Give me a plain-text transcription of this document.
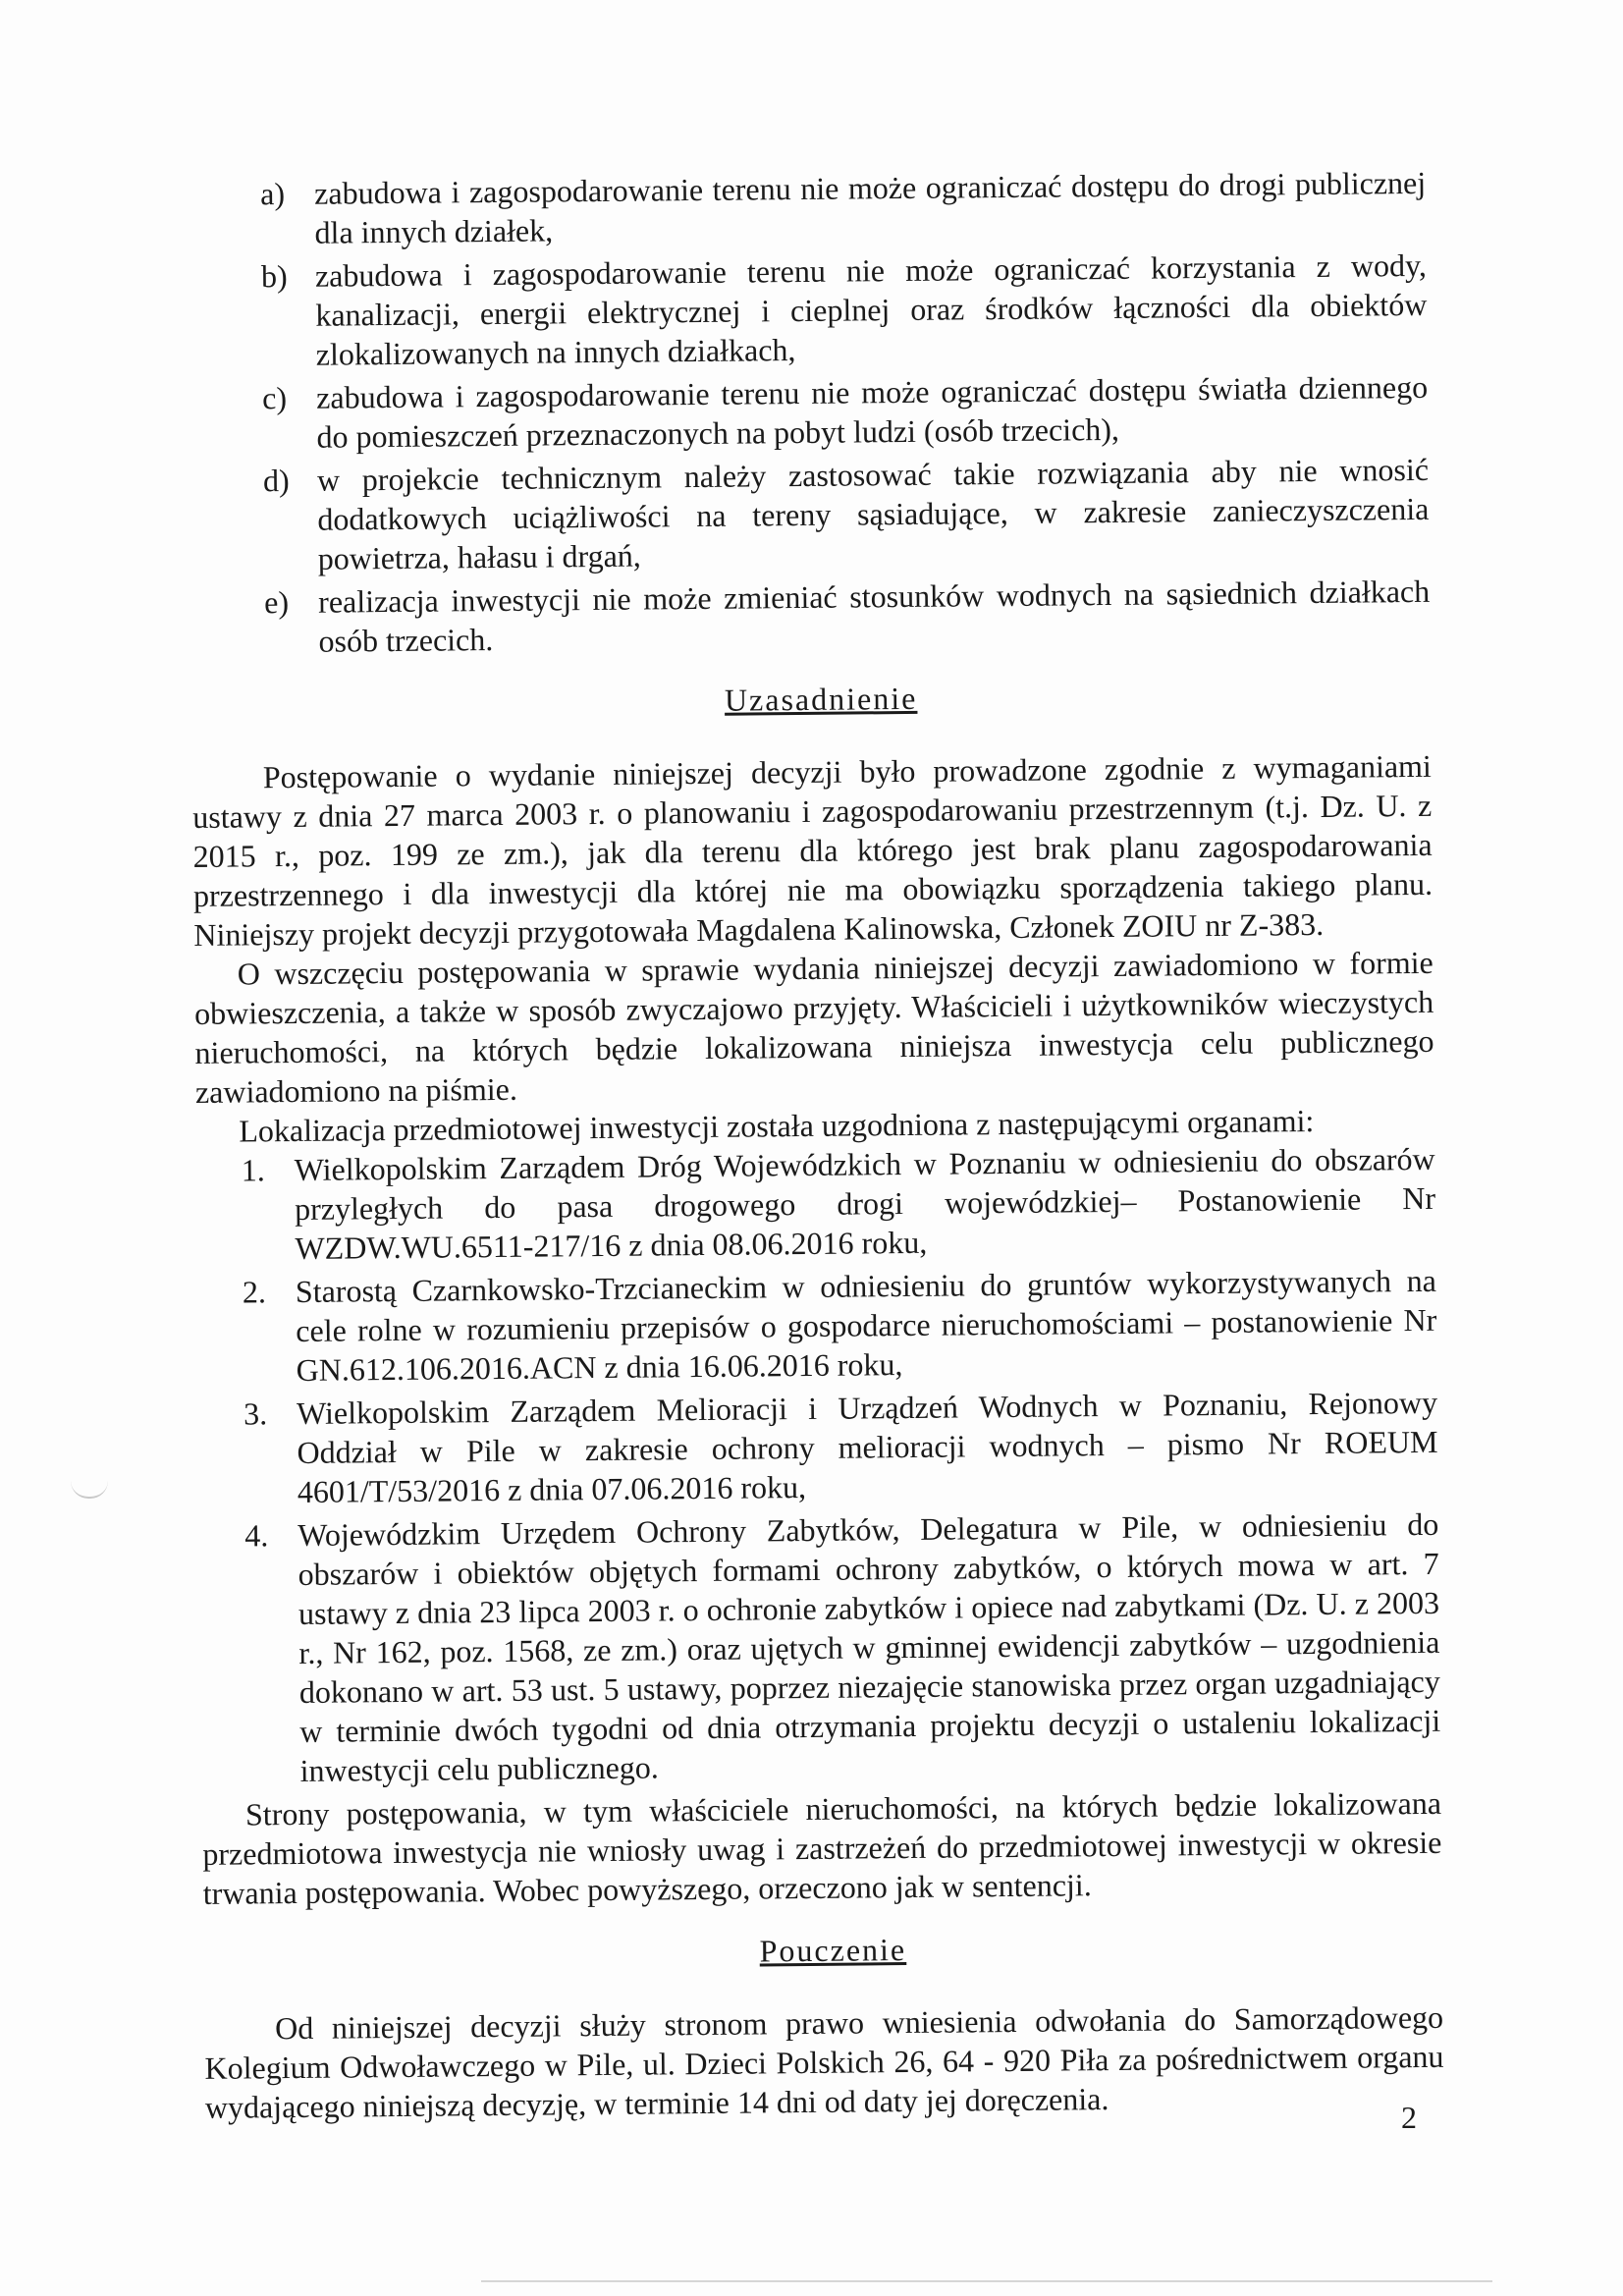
a) zabudowa i zagospodarowanie terenu nie może ograniczać dostępu do drogi publicznej dla innych działek,
b) zabudowa i zagospodarowanie terenu nie może ograniczać korzystania z wody, kanalizacji, energii elektrycznej i cieplnej oraz środków łączności dla obiektów zlokalizowanych na innych działkach,
c) zabudowa i zagospodarowanie terenu nie może ograniczać dostępu światła dziennego do pomieszczeń przeznaczonych na pobyt ludzi (osób trzecich),
d) w projekcie technicznym należy zastosować takie rozwiązania aby nie wnosić dodatkowych uciążliwości na tereny sąsiadujące, w zakresie zanieczyszczenia powietrza, hałasu i drgań,
e) realizacja inwestycji nie może zmieniać stosunków wodnych na sąsiednich działkach osób trzecich.
Uzasadnienie

Postępowanie o wydanie niniejszej decyzji było prowadzone zgodnie z wymaganiami ustawy z dnia 27 marca 2003 r. o planowaniu i zagospodarowaniu przestrzennym (t.j. Dz. U. z 2015 r., poz. 199 ze zm.), jak dla terenu dla którego jest brak planu zagospodarowania przestrzennego i dla inwestycji dla której nie ma obowiązku sporządzenia takiego planu. Niniejszy projekt decyzji przygotowała Magdalena Kalinowska, Członek ZOIU nr Z-383.

O wszczęciu postępowania w sprawie wydania niniejszej decyzji zawiadomiono w formie obwieszczenia, a także w sposób zwyczajowo przyjęty. Właścicieli i użytkowników wieczystych nieruchomości, na których będzie lokalizowana niniejsza inwestycja celu publicznego zawiadomiono na piśmie.

Lokalizacja przedmiotowej inwestycji została uzgodniona z następującymi organami:

1. Wielkopolskim Zarządem Dróg Wojewódzkich w Poznaniu w odniesieniu do obszarów przyległych do pasa drogowego drogi wojewódzkiej– Postanowienie Nr WZDW.WU.6511-217/16 z dnia 08.06.2016 roku,
2. Starostą Czarnkowsko-Trzcianeckim w odniesieniu do gruntów wykorzystywanych na cele rolne w rozumieniu przepisów o gospodarce nieruchomościami – postanowienie Nr GN.612.106.2016.ACN z dnia 16.06.2016 roku,
3. Wielkopolskim Zarządem Melioracji i Urządzeń Wodnych w Poznaniu, Rejonowy Oddział w Pile w zakresie ochrony melioracji wodnych – pismo Nr ROEUM 4601/T/53/2016 z dnia 07.06.2016 roku,
4. Wojewódzkim Urzędem Ochrony Zabytków, Delegatura w Pile, w odniesieniu do obszarów i obiektów objętych formami ochrony zabytków, o których mowa w art. 7 ustawy z dnia 23 lipca 2003 r. o ochronie zabytków i opiece nad zabytkami (Dz. U. z 2003 r., Nr 162, poz. 1568, ze zm.) oraz ujętych w gminnej ewidencji zabytków – uzgodnienia dokonano w art. 53 ust. 5 ustawy, poprzez niezajęcie stanowiska przez organ uzgadniający w terminie dwóch tygodni od dnia otrzymania projektu decyzji o ustaleniu lokalizacji inwestycji celu publicznego.

Strony postępowania, w tym właściciele nieruchomości, na których będzie lokalizowana przedmiotowa inwestycja nie wniosły uwag i zastrzeżeń do przedmiotowej inwestycji w okresie trwania postępowania. Wobec powyższego, orzeczono jak w sentencji.

Pouczenie

Od niniejszej decyzji służy stronom prawo wniesienia odwołania do Samorządowego Kolegium Odwoławczego w Pile, ul. Dzieci Polskich 26, 64 - 920 Piła za pośrednictwem organu wydającego niniejszą decyzję, w terminie 14 dni od daty jej doręczenia.	2
